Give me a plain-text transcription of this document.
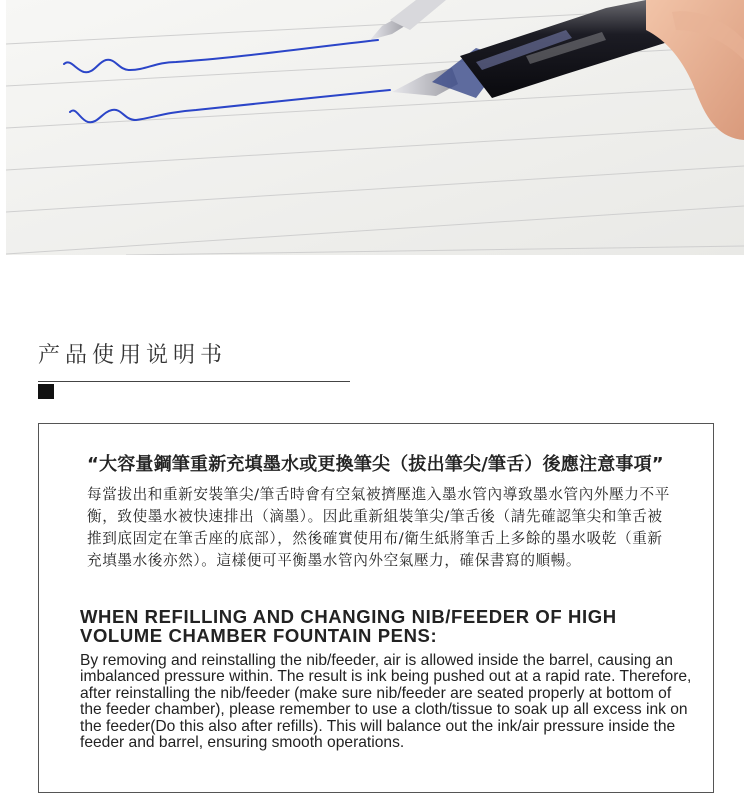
产品使用说明书
“大容量鋼筆重新充填墨水或更換筆尖（拔出筆尖/筆舌）後應注意事項”

每當拔出和重新安裝筆尖/筆舌時會有空氣被擠壓進入墨水管內導致墨水管內外壓力不平衡，致使墨水被快速排出（滴墨）。因此重新組裝筆尖/筆舌後（請先確認筆尖和筆舌被推到底固定在筆舌座的底部），然後確實使用布/衛生紙將筆舌上多餘的墨水吸乾（重新充填墨水後亦然）。這樣便可平衡墨水管內外空氣壓力，確保書寫的順暢。

WHEN REFILLING AND CHANGING NIB/FEEDER OF HIGH VOLUME CHAMBER FOUNTAIN PENS:

By removing and reinstalling the nib/feeder, air is allowed inside the barrel, causing an imbalanced pressure within. The result is ink being pushed out at a rapid rate. Therefore, after reinstalling the nib/feeder (make sure nib/feeder are seated properly at bottom of the feeder chamber), please remember to use a cloth/tissue to soak up all excess ink on the feeder(Do this also after refills). This will balance out the ink/air pressure inside the feeder and barrel, ensuring smooth operations.
